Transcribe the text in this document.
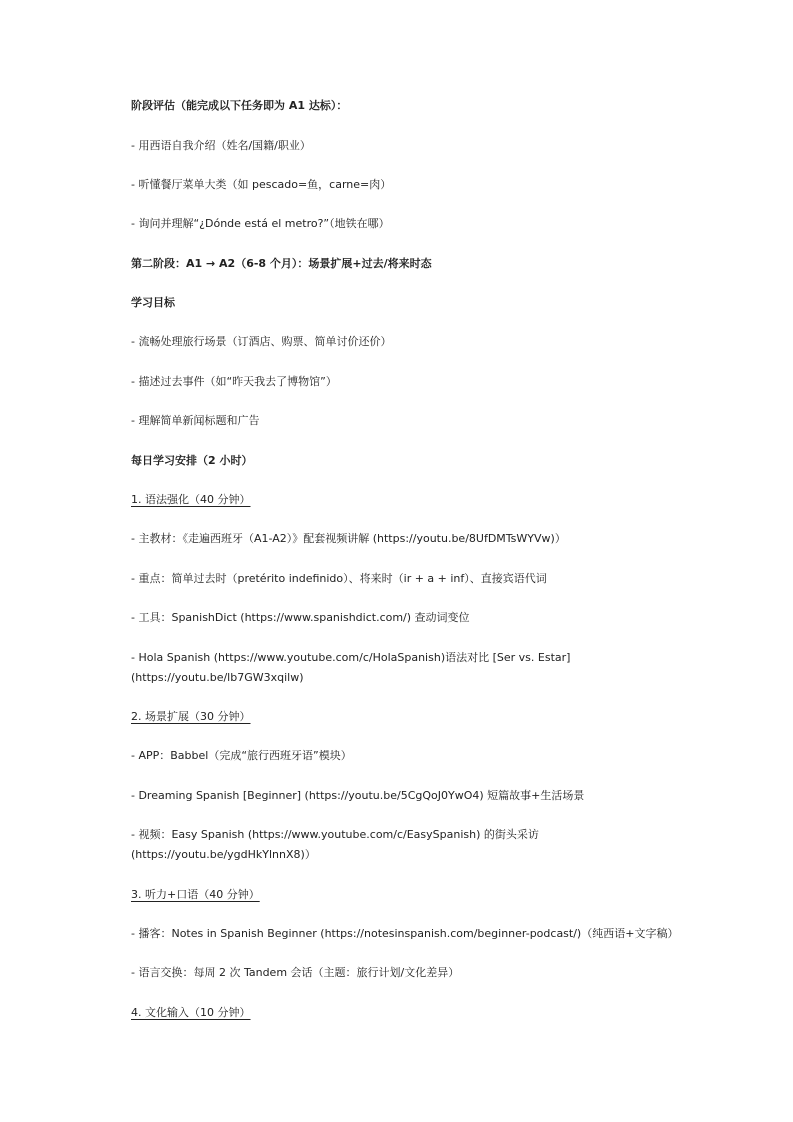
阶段评估（能完成以下任务即为 A1 达标）：

- 用西语自我介绍（姓名/国籍/职业）

- 听懂餐厅菜单大类（如 pescado=鱼，carne=肉）

- 询问并理解“¿Dónde está el metro?”（地铁在哪）

第二阶段：A1 → A2（6-8 个月）：场景扩展+过去/将来时态

学习目标

- 流畅处理旅行场景（订酒店、购票、简单讨价还价）

- 描述过去事件（如“昨天我去了博物馆”）

- 理解简单新闻标题和广告

每日学习安排（2 小时）

1. 语法强化（40 分钟）

- 主教材：《走遍西班牙（A1-A2）》配套视频讲解 (https://youtu.be/8UfDMTsWYVw)）

- 重点：简单过去时（pretérito indefinido）、将来时（ir + a + inf）、直接宾语代词

- 工具：SpanishDict (https://www.spanishdict.com/) 查动词变位

- Hola Spanish (https://www.youtube.com/c/HolaSpanish)语法对比 [Ser vs. Estar]

(https://youtu.be/lb7GW3xqilw)

2. 场景扩展（30 分钟）

- APP：Babbel（完成“旅行西班牙语”模块）

- Dreaming Spanish [Beginner] (https://youtu.be/5CgQoJ0YwO4) 短篇故事+生活场景

- 视频：Easy Spanish (https://www.youtube.com/c/EasySpanish) 的街头采访

(https://youtu.be/ygdHkYlnnX8)）

3. 听力+口语（40 分钟）

- 播客：Notes in Spanish Beginner (https://notesinspanish.com/beginner-podcast/)（纯西语+文字稿）

- 语言交换：每周 2 次 Tandem 会话（主题：旅行计划/文化差异）

4. 文化输入（10 分钟）
